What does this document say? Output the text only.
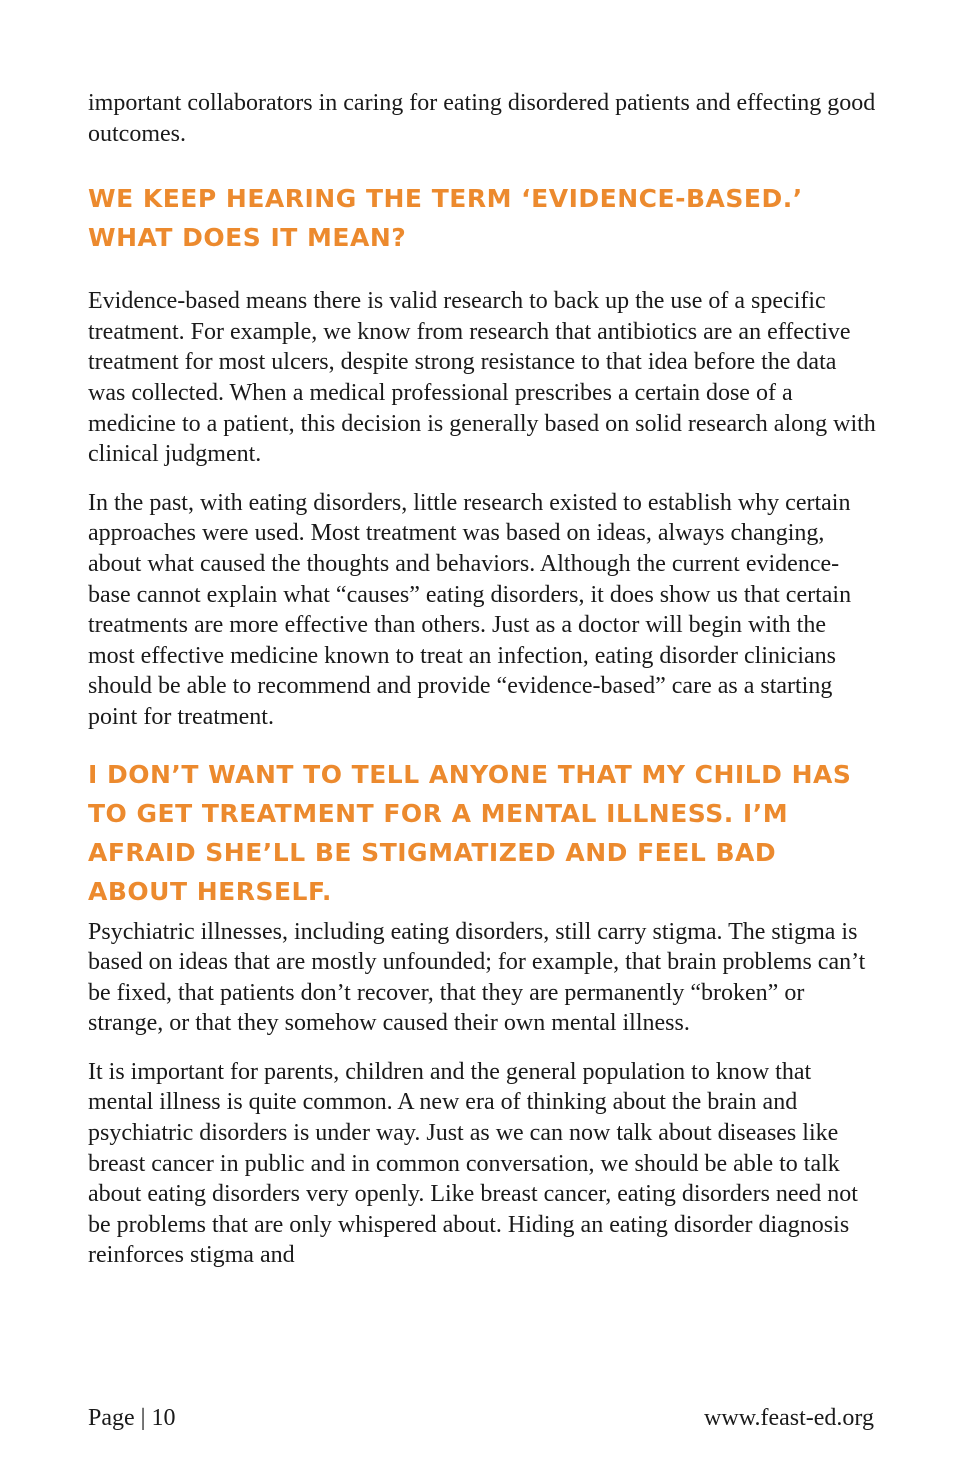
important collaborators in caring for eating disordered patients and effecting good outcomes.

WE KEEP HEARING THE TERM ‘EVIDENCE-BASED.’ WHAT DOES IT MEAN?

Evidence-based means there is valid research to back up the use of a specific treatment. For example, we know from research that antibiotics are an effective treatment for most ulcers, despite strong resistance to that idea before the data was collected. When a medical professional prescribes a certain dose of a medicine to a patient, this decision is generally based on solid research along with clinical judgment.

In the past, with eating disorders, little research existed to establish why certain approaches were used. Most treatment was based on ideas, always changing, about what caused the thoughts and behaviors. Although the current evidence-base cannot explain what “causes” eating disorders, it does show us that certain treatments are more effective than others. Just as a doctor will begin with the most effective medicine known to treat an infection, eating disorder clinicians should be able to recommend and provide “evidence-based” care as a starting point for treatment.

I DON’T WANT TO TELL ANYONE THAT MY CHILD HAS TO GET TREATMENT FOR A MENTAL ILLNESS. I’M AFRAID SHE’LL BE STIGMATIZED AND FEEL BAD ABOUT HERSELF.

Psychiatric illnesses, including eating disorders, still carry stigma. The stigma is based on ideas that are mostly unfounded; for example, that brain problems can’t be fixed, that patients don’t recover, that they are permanently “broken” or strange, or that they somehow caused their own mental illness.

It is important for parents, children and the general population to know that mental illness is quite common. A new era of thinking about the brain and psychiatric disorders is under way. Just as we can now talk about diseases like breast cancer in public and in common conversation, we should be able to talk about eating disorders very openly. Like breast cancer, eating disorders need not be problems that are only whispered about. Hiding an eating disorder diagnosis reinforces stigma and

Page | 10	www.feast-ed.org
